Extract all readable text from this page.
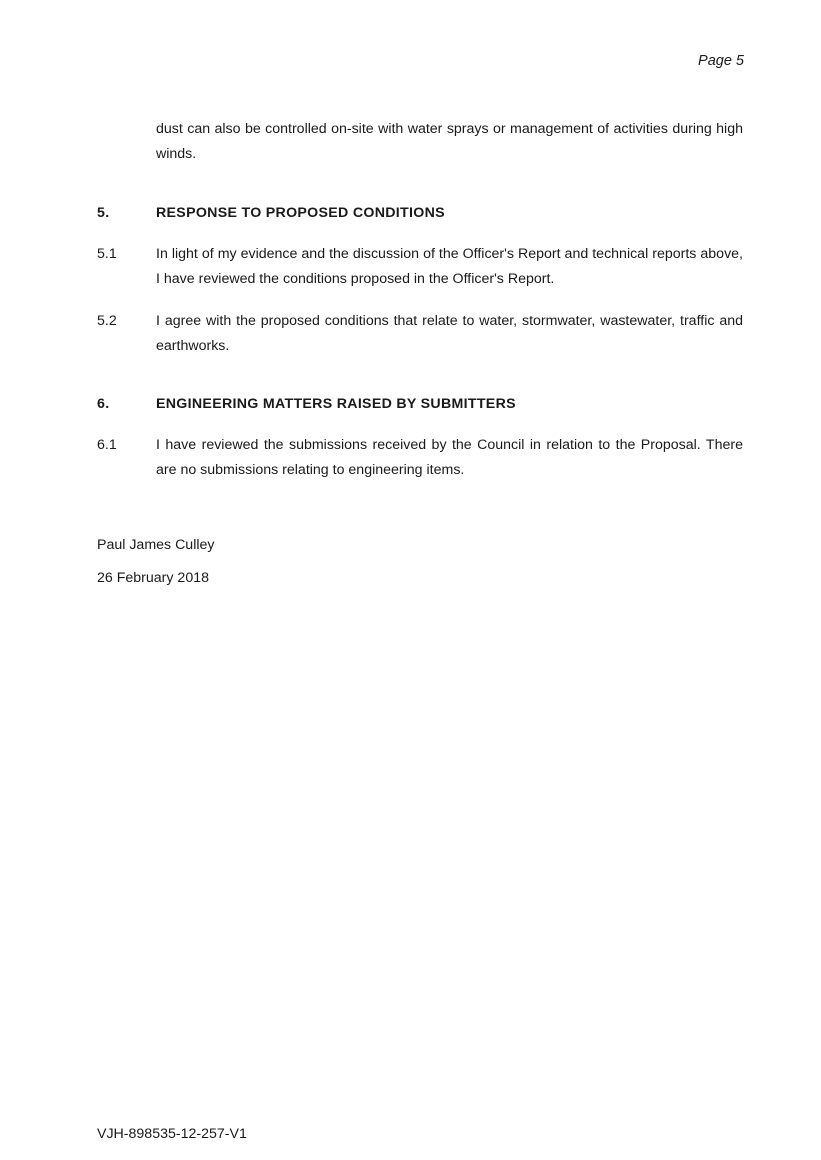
Page 5
dust can also be controlled on-site with water sprays or management of activities during high winds.
5.	RESPONSE TO PROPOSED CONDITIONS
5.1	In light of my evidence and the discussion of the Officer's Report and technical reports above, I have reviewed the conditions proposed in the Officer's Report.
5.2	I agree with the proposed conditions that relate to water, stormwater, wastewater, traffic and earthworks.
6.	ENGINEERING MATTERS RAISED BY SUBMITTERS
6.1	I have reviewed the submissions received by the Council in relation to the Proposal. There are no submissions relating to engineering items.
Paul James Culley
26 February 2018
VJH-898535-12-257-V1
